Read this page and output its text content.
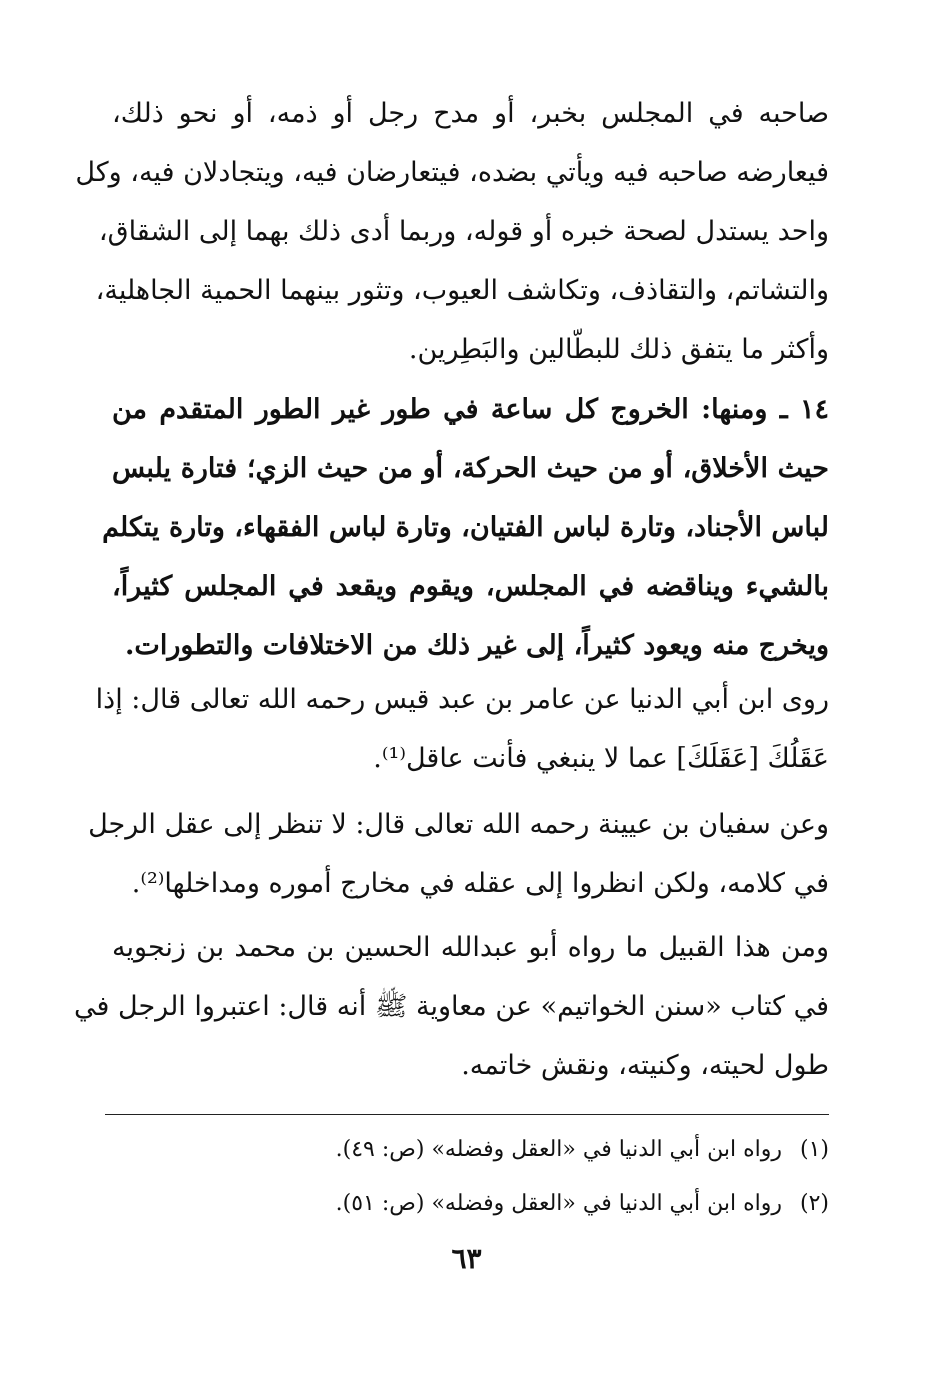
صاحبه في المجلس بخبر، أو مدح رجل أو ذمه، أو نحو ذلك،
فيعارضه صاحبه فيه ويأتي بضده، فيتعارضان فيه، ويتجادلان فيه، وكل
واحد يستدل لصحة خبره أو قوله، وربما أدى ذلك بهما إلى الشقاق،
والتشاتم، والتقاذف، وتكاشف العيوب، وتثور بينهما الحمية الجاهلية،
وأكثر ما يتفق ذلك للبطّالين والبَطِرين.
١٤ ـ ومنها: الخروج كل ساعة في طور غير الطور المتقدم من
حيث الأخلاق، أو من حيث الحركة، أو من حيث الزي؛ فتارة يلبس
لباس الأجناد، وتارة لباس الفتيان، وتارة لباس الفقهاء، وتارة يتكلم
بالشيء ويناقضه في المجلس، ويقوم ويقعد في المجلس كثيراً،
ويخرج منه ويعود كثيراً، إلى غير ذلك من الاختلافات والتطورات.
روى ابن أبي الدنيا عن عامر بن عبد قيس رحمه الله تعالى قال: إذا
عَقَلُكَ [عَقَلَكَ] عما لا ينبغي فأنت عاقل⁽¹⁾.
وعن سفيان بن عيينة رحمه الله تعالى قال: لا تنظر إلى عقل الرجل
في كلامه، ولكن انظروا إلى عقله في مخارج أموره ومداخلها⁽²⁾.
ومن هذا القبيل ما رواه أبو عبدالله الحسين بن محمد بن زنجويه
في كتاب «سنن الخواتيم» عن معاوية ﷺ أنه قال: اعتبروا الرجل في
طول لحيته، وكنيته، ونقش خاتمه.
(١)رواه ابن أبي الدنيا في «العقل وفضله» (ص: ٤٩).
(٢)رواه ابن أبي الدنيا في «العقل وفضله» (ص: ٥١).
٦٣
